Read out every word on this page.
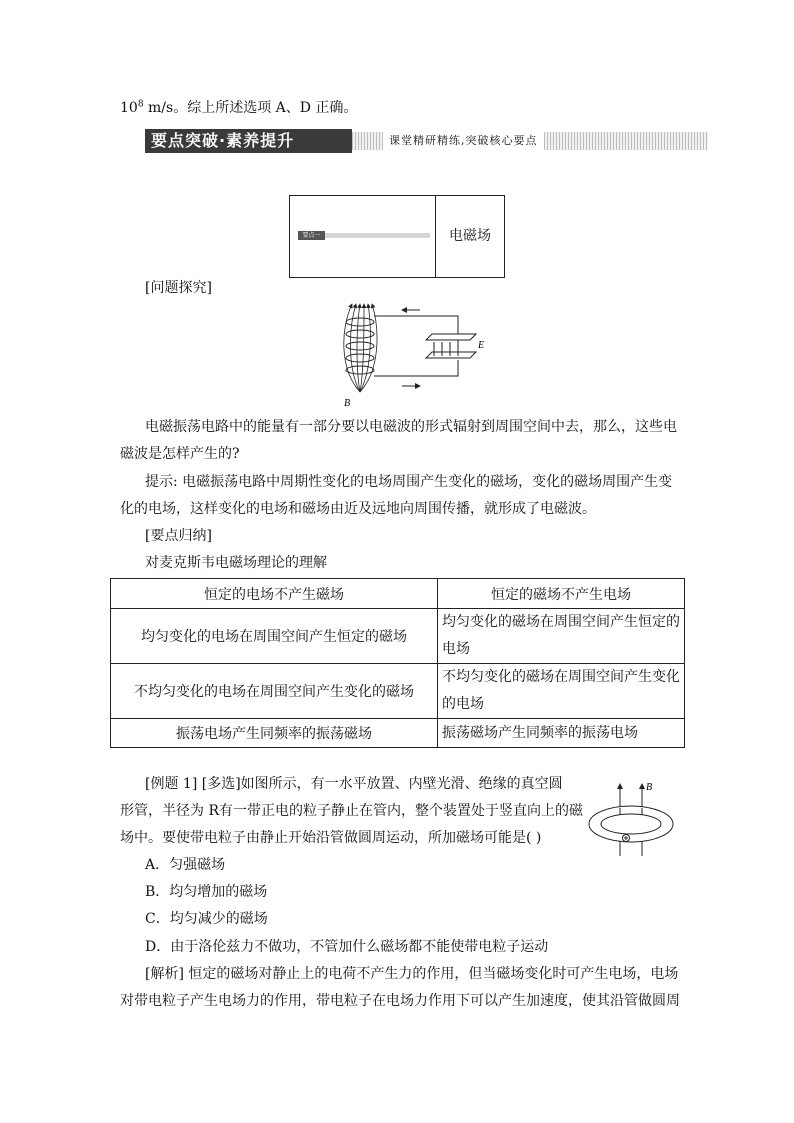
$10^8$ m/s。综上所述选项 A、D 正确。
要点突破·素养提升	课堂精研精练,突破核心要点
要点一	电磁场
[问题探究]
E
B
电磁振荡电路中的能量有一部分要以电磁波的形式辐射到周围空间中去，那么，这些电
磁波是怎样产生的?
提示: 电磁振荡电路中周期性变化的电场周围产生变化的磁场，变化的磁场周围产生变
化的电场，这样变化的电场和磁场由近及远地向周围传播，就形成了电磁波。
[要点归纳]
对麦克斯韦电磁场理论的理解
恒定的电场不产生磁场	恒定的磁场不产生电场
均匀变化的电场在周围空间产生恒定的磁场	均匀变化的磁场在周围空间产生恒定的
电场

不均匀变化的电场在周围空间产生变化的磁场	不均匀变化的磁场在周围空间产生变化
的电场

振荡电场产生同频率的振荡磁场	振荡磁场产生同频率的振荡电场
[例题 1] [多选]如图所示，有一水平放置、内壁光滑、绝缘的真空圆
形管，半径为 R有一带正电的粒子静止在管内，整个装置处于竖直向上的磁
场中。要使带电粒子由静止开始沿管做圆周运动，所加磁场可能是( )
B
A．匀强磁场
B．均匀增加的磁场
C．均匀减少的磁场
D．由于洛伦兹力不做功，不管加什么磁场都不能使带电粒子运动
[解析] 恒定的磁场对静止上的电荷不产生力的作用，但当磁场变化时可产生电场，电场
对带电粒子产生电场力的作用，带电粒子在电场力作用下可以产生加速度，使其沿管做圆周
